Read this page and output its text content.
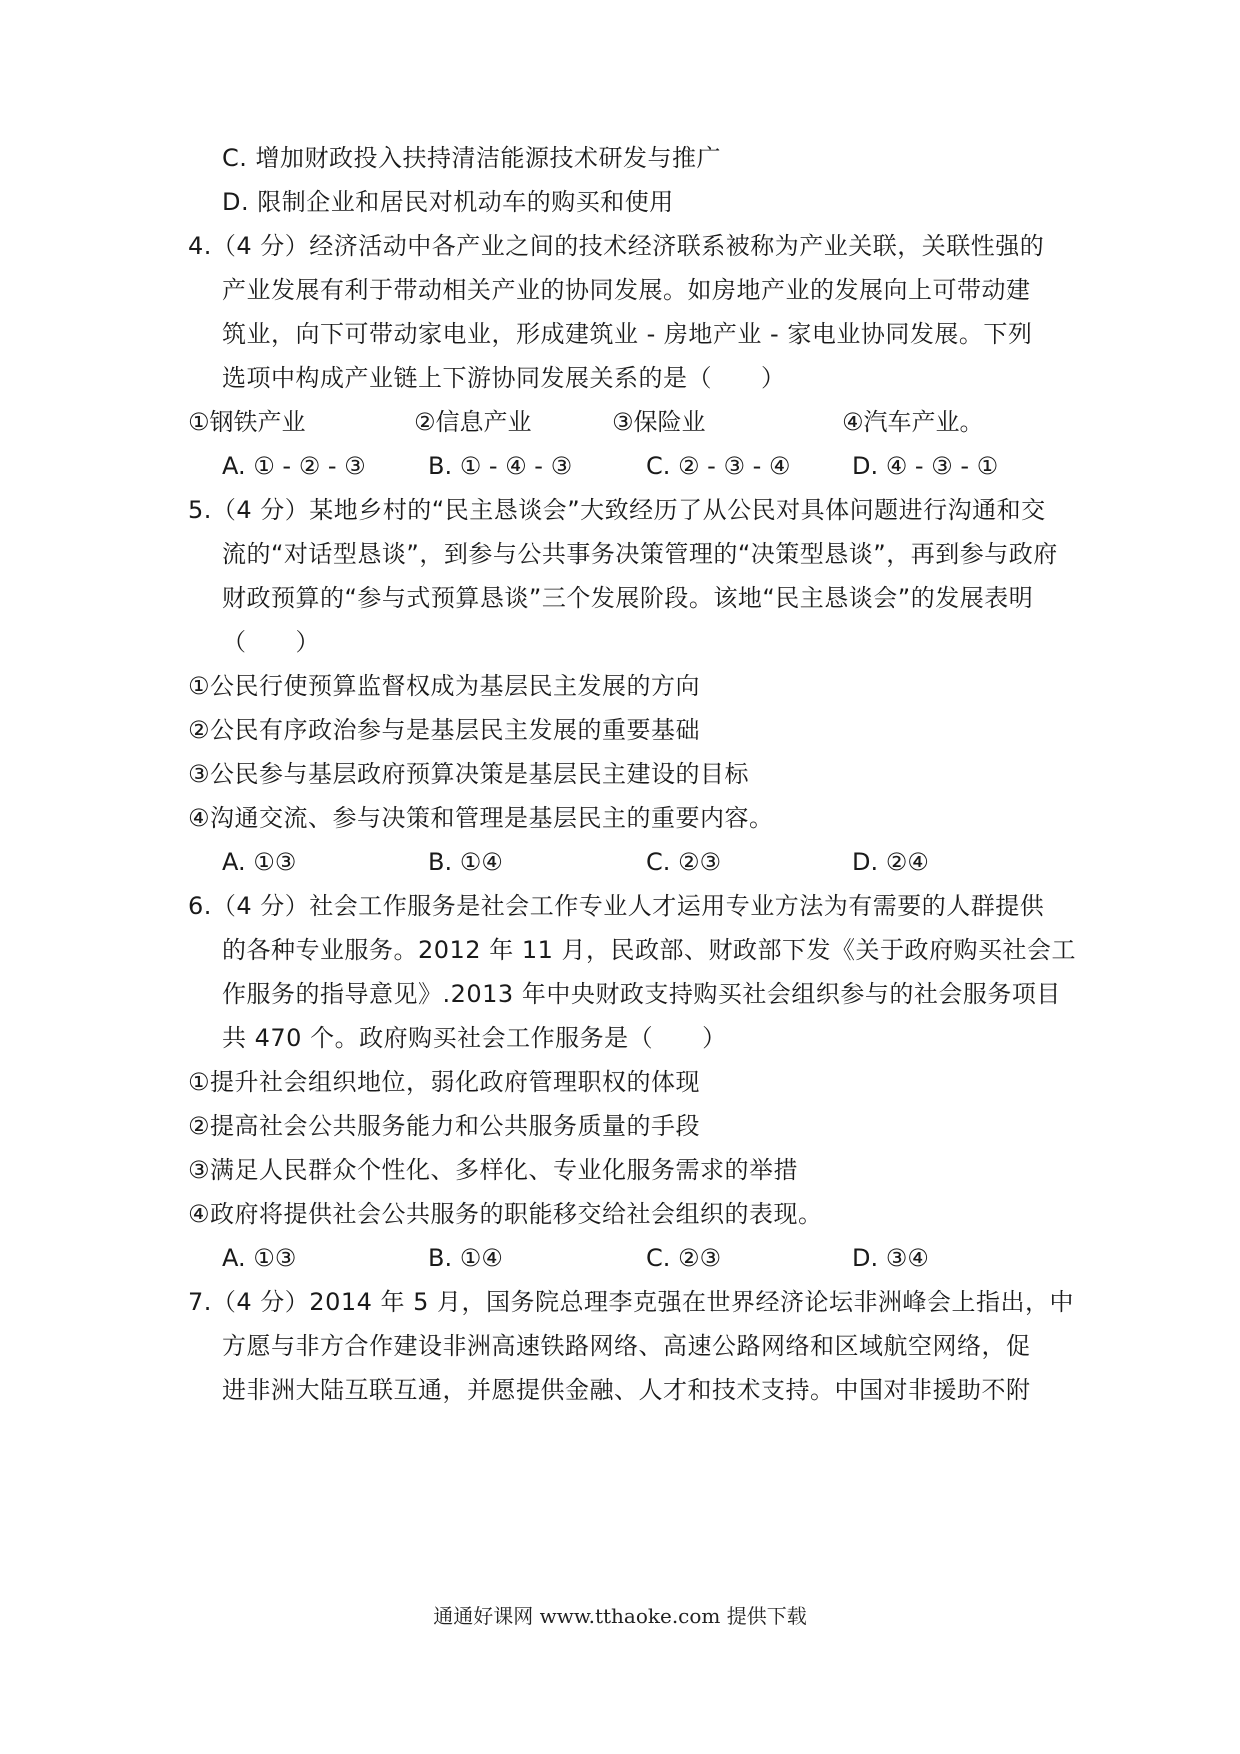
C. 增加财政投入扶持清洁能源技术研发与推广
D. 限制企业和居民对机动车的购买和使用
4.（4 分）经济活动中各产业之间的技术经济联系被称为产业关联，关联性强的
产业发展有利于带动相关产业的协同发展。如房地产业的发展向上可带动建
筑业，向下可带动家电业，形成建筑业 - 房地产业 - 家电业协同发展。下列
选项中构成产业链上下游协同发展关系的是（　　）
①钢铁产业	②信息产业	③保险业	④汽车产业。
A. ① - ② - ③	B. ① - ④ - ③	C. ② - ③ - ④	D. ④ - ③ - ①
5.（4 分）某地乡村的“民主恳谈会”大致经历了从公民对具体问题进行沟通和交
流的“对话型恳谈”，到参与公共事务决策管理的“决策型恳谈”，再到参与政府
财政预算的“参与式预算恳谈”三个发展阶段。该地“民主恳谈会”的发展表明
（　　）
①公民行使预算监督权成为基层民主发展的方向
②公民有序政治参与是基层民主发展的重要基础
③公民参与基层政府预算决策是基层民主建设的目标
④沟通交流、参与决策和管理是基层民主的重要内容。
A. ①③	B. ①④	C. ②③	D. ②④
6.（4 分）社会工作服务是社会工作专业人才运用专业方法为有需要的人群提供
的各种专业服务。2012 年 11 月，民政部、财政部下发《关于政府购买社会工
作服务的指导意见》.2013 年中央财政支持购买社会组织参与的社会服务项目
共 470 个。政府购买社会工作服务是（　　）
①提升社会组织地位，弱化政府管理职权的体现
②提高社会公共服务能力和公共服务质量的手段
③满足人民群众个性化、多样化、专业化服务需求的举措
④政府将提供社会公共服务的职能移交给社会组织的表现。
A. ①③	B. ①④	C. ②③	D. ③④
7.（4 分）2014 年 5 月，国务院总理李克强在世界经济论坛非洲峰会上指出，中
方愿与非方合作建设非洲高速铁路网络、高速公路网络和区域航空网络，促
进非洲大陆互联互通，并愿提供金融、人才和技术支持。中国对非援助不附
通通好课网 www.tthaoke.com 提供下载
